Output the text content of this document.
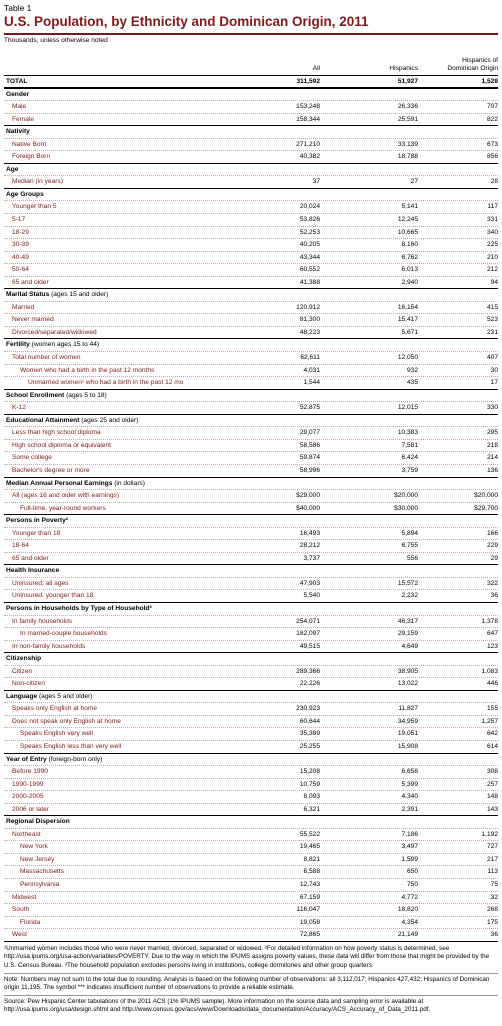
Table 1
U.S. Population, by Ethnicity and Dominican Origin, 2011
Thousands, unless otherwise noted
All	Hispanics
Hispanics of
Dominican Origin
TOTAL	311,592	51,927	1,528
Gender
Male	153,248	26,336	707
Female	158,344	25,591	822
Nativity
Native Born	271,210	33,139	673
Foreign Born	40,382	18,788	856
Age
Median (in years)	37	27	28
Age Groups
Younger than 5	20,024	5,141	117
5-17	53,826	12,245	331
18-29	52,253	10,665	340
30-39	40,205	8,160	225
40-49	43,344	6,762	210
50-64	60,552	6,013	212
65 and older	41,388	2,940	94
Marital Status (ages 15 and older)
Married	120,912	16,154	415
Never married	81,300	15,417	523
Divorced/separated/widowed	48,223	5,671	231
Fertility (women ages 15 to 44)
Total number of women	62,611	12,050	407
Women who had a birth in the past 12 months	4,031	932	30
Unmarried women¹ who had a birth in the past 12 mo	1,544	435	17
School Enrollment (ages 5 to 18)
K-12	52,875	12,015	330
Educational Attainment (ages 25 and older)
Less than high school diploma	29,077	10,383	295
High school diploma or equivalent	58,586	7,581	218
Some college	59,874	6,424	214
Bachelor's degree or more	58,996	3,759	136
Median Annual Personal Earnings (in dollars)
All (ages 16 and older with earnings)	$29,000	$20,000	$20,000
Full-time, year-round workers	$40,000	$30,000	$29,700
Persons in Poverty²
Younger than 18	16,493	5,894	166
18-64	28,212	6,755	229
65 and older	3,737	556	29
Health Insurance
Uninsured, all ages	47,903	15,572	322
Uninsured, younger than 18	5,540	2,232	36
Persons in Households by Type of Household³
In family households	254,071	46,317	1,378
In married-couple households	182,097	29,159	647
In non-family households	49,515	4,649	123
Citizenship
Citizen	289,366	38,905	1,083
Non-citizen	22,226	13,022	446
Language (ages 5 and older)
Speaks only English at home	230,923	11,827	155
Does not speak only English at home	60,644	34,959	1,257
Speaks English very well	35,389	19,051	642
Speaks English less than very well	25,255	15,908	614
Year of Entry (foreign-born only)
Before 1990	15,208	6,658	308
1990-1999	10,759	5,399	257
2000-2005	8,093	4,340	148
2006 or later	6,321	2,391	143
Regional Dispersion
Northeast	55,522	7,186	1,192
New York	19,465	3,497	727
New Jersey	8,821	1,599	217
Massachusetts	6,588	650	113
Pennsylvania	12,743	750	75
Midwest	67,159	4,772	32
South	116,047	18,820	268
Florida	19,058	4,354	175
West	72,865	21,149	36

¹Unmarried women includes those who were never married, divorced, separated or widowed. ²For detailed information on how poverty status is determined, see http://usa.ipums.org/usa-action/variables/POVERTY. Due to the way in which the IPUMS assigns poverty values, these data will differ from those that might be provided by the U.S. Census Bureau. ³The household population excludes persons living in institutions, college dormitories and other group quarters.

Note: Numbers may not sum to the total due to rounding. Analysis is based on the following number of observations: all 3,112,017; Hispanics 427,432; Hispanics of Dominican origin 11,195. The symbol *** indicates insufficient number of observations to provide a reliable estimate.

Source: Pew Hispanic Center tabulations of the 2011 ACS (1% IPUMS sample). More information on the source data and sampling error is available at http://usa.ipums.org/usa/design.shtml and http://www.census.gov/acs/www/Downloads/data_documentation/Accuracy/ACS_Accuracy_of_Data_2011.pdf.
